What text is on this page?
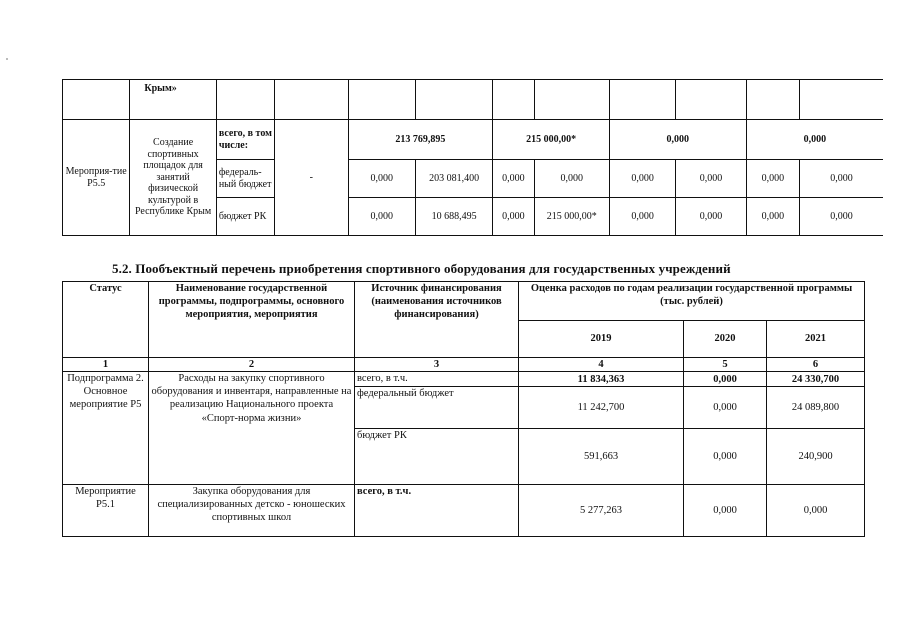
	Крым»										
Мероприя-тие Р5.5	Создание спортивных площадок для занятий физической культурой в Республике Крым	всего, в том числе:	-	213 769,895		215 000,00*		0,000		0,000	
		федераль-ный бюджет		0,000	203 081,400	0,000	0,000	0,000	0,000	0,000	0,000
		бюджет РК		0,000	10 688,495	0,000	215 000,00*	0,000	0,000	0,000	0,000
5.2. Пообъектный перечень приобретения спортивного оборудования для государственных учреждений
Статус	Наименование государственной программы, подпрограммы, основного мероприятия, мероприятия	Источник финансирования (наименования источников финансирования)	Оценка расходов по годам реализации государственной программы (тыс. рублей)		
			2019	2020	2021
1	2	3	4	5	6
Подпрограмма 2. Основное мероприятие Р5	Расходы на закупку спортивного оборудования и инвентаря, направленные на реализацию Национального проекта «Спорт-норма жизни»	всего, в т.ч.	11 834,363	0,000	24 330,700
		федеральный бюджет	11 242,700	0,000	24 089,800
		бюджет РК	591,663	0,000	240,900
Мероприятие Р5.1	Закупка оборудования для специализированных детско - юношеских спортивных школ	всего, в т.ч.	5 277,263	0,000	0,000
